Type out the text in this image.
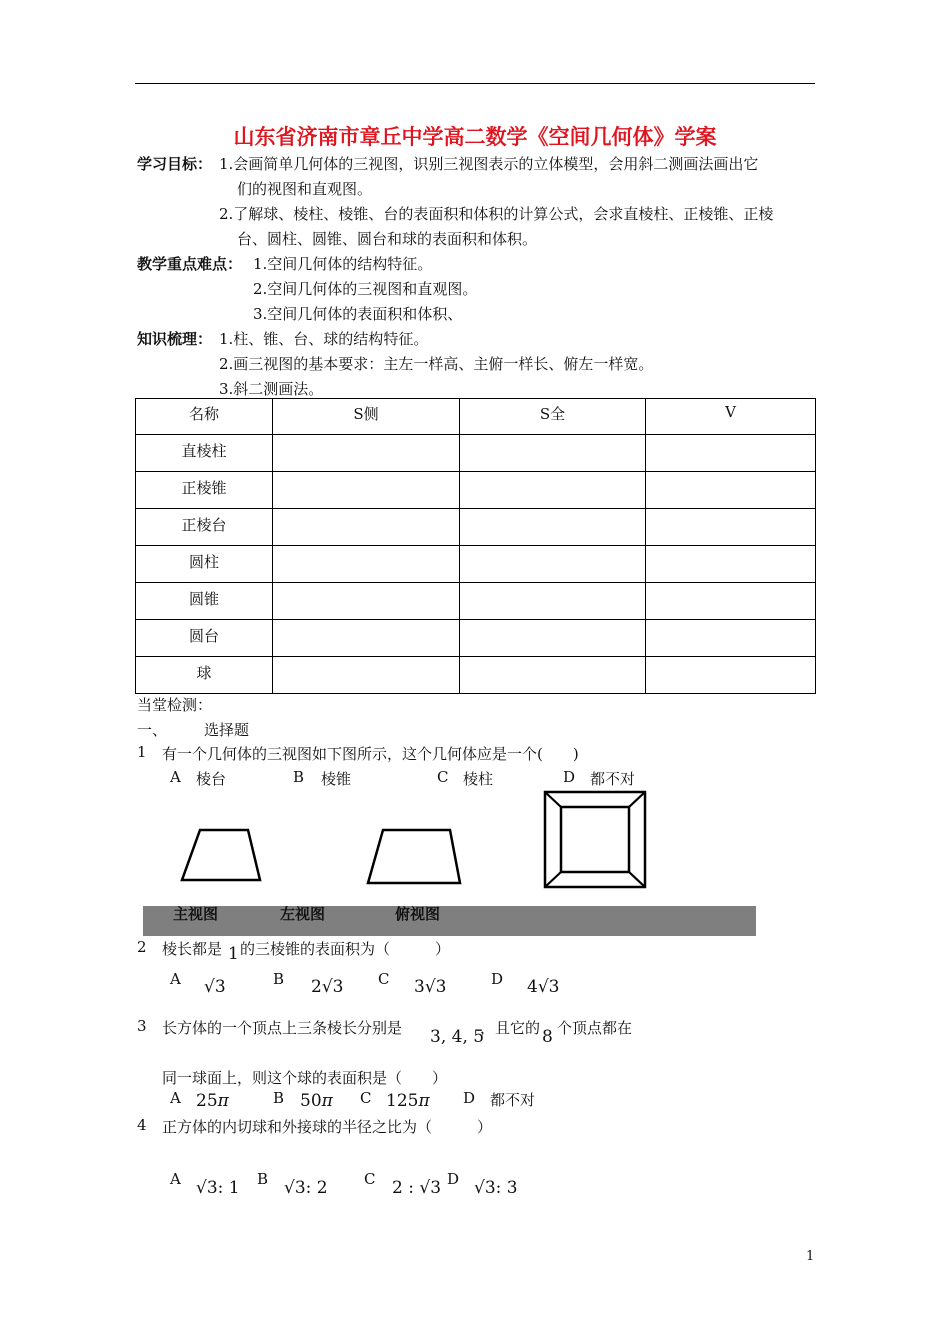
山东省济南市章丘中学高二数学《空间几何体》学案
学习目标： 1.会画简单几何体的三视图，识别三视图表示的立体模型，会用斜二测画法画出它
们的视图和直观图。
2.了解球、棱柱、棱锥、台的表面积和体积的计算公式，会求直棱柱、正棱锥、正棱
台、圆柱、圆锥、圆台和球的表面积和体积。
教学重点难点： 1.空间几何体的结构特征。
2.空间几何体的三视图和直观图。
3.空间几何体的表面积和体积、
知识梳理： 1.柱、锥、台、球的结构特征。
2.画三视图的基本要求：主左一样高、主俯一样长、俯左一样宽。
3.斜二测画法。
名称	S侧	S全	V
直棱柱			
正棱锥			
正棱台			
圆柱			
圆锥			
圆台			
球			
当堂检测：
一、 选择题
1 有一个几何体的三视图如下图所示，这个几何体应是一个(　　)
A 棱台	B 棱锥	C 棱柱	D 都不对
主视图	左视图	俯视图
2 棱长都是 1 的三棱锥的表面积为（　　　）
A √3	B 2√3 C 3√3	D 4√3
3 长方体的一个顶点上三条棱长分别是 3, 4, 5
，且它的 8 个顶点都在
同一球面上，则这个球的表面积是（　　）
A 25π	B 50π C 125π D 都不对
4 正方体的内切球和外接球的半径之比为（　　　）
A √3: 1 B √3: 2 C 2 : √3 D √3: 3
1
